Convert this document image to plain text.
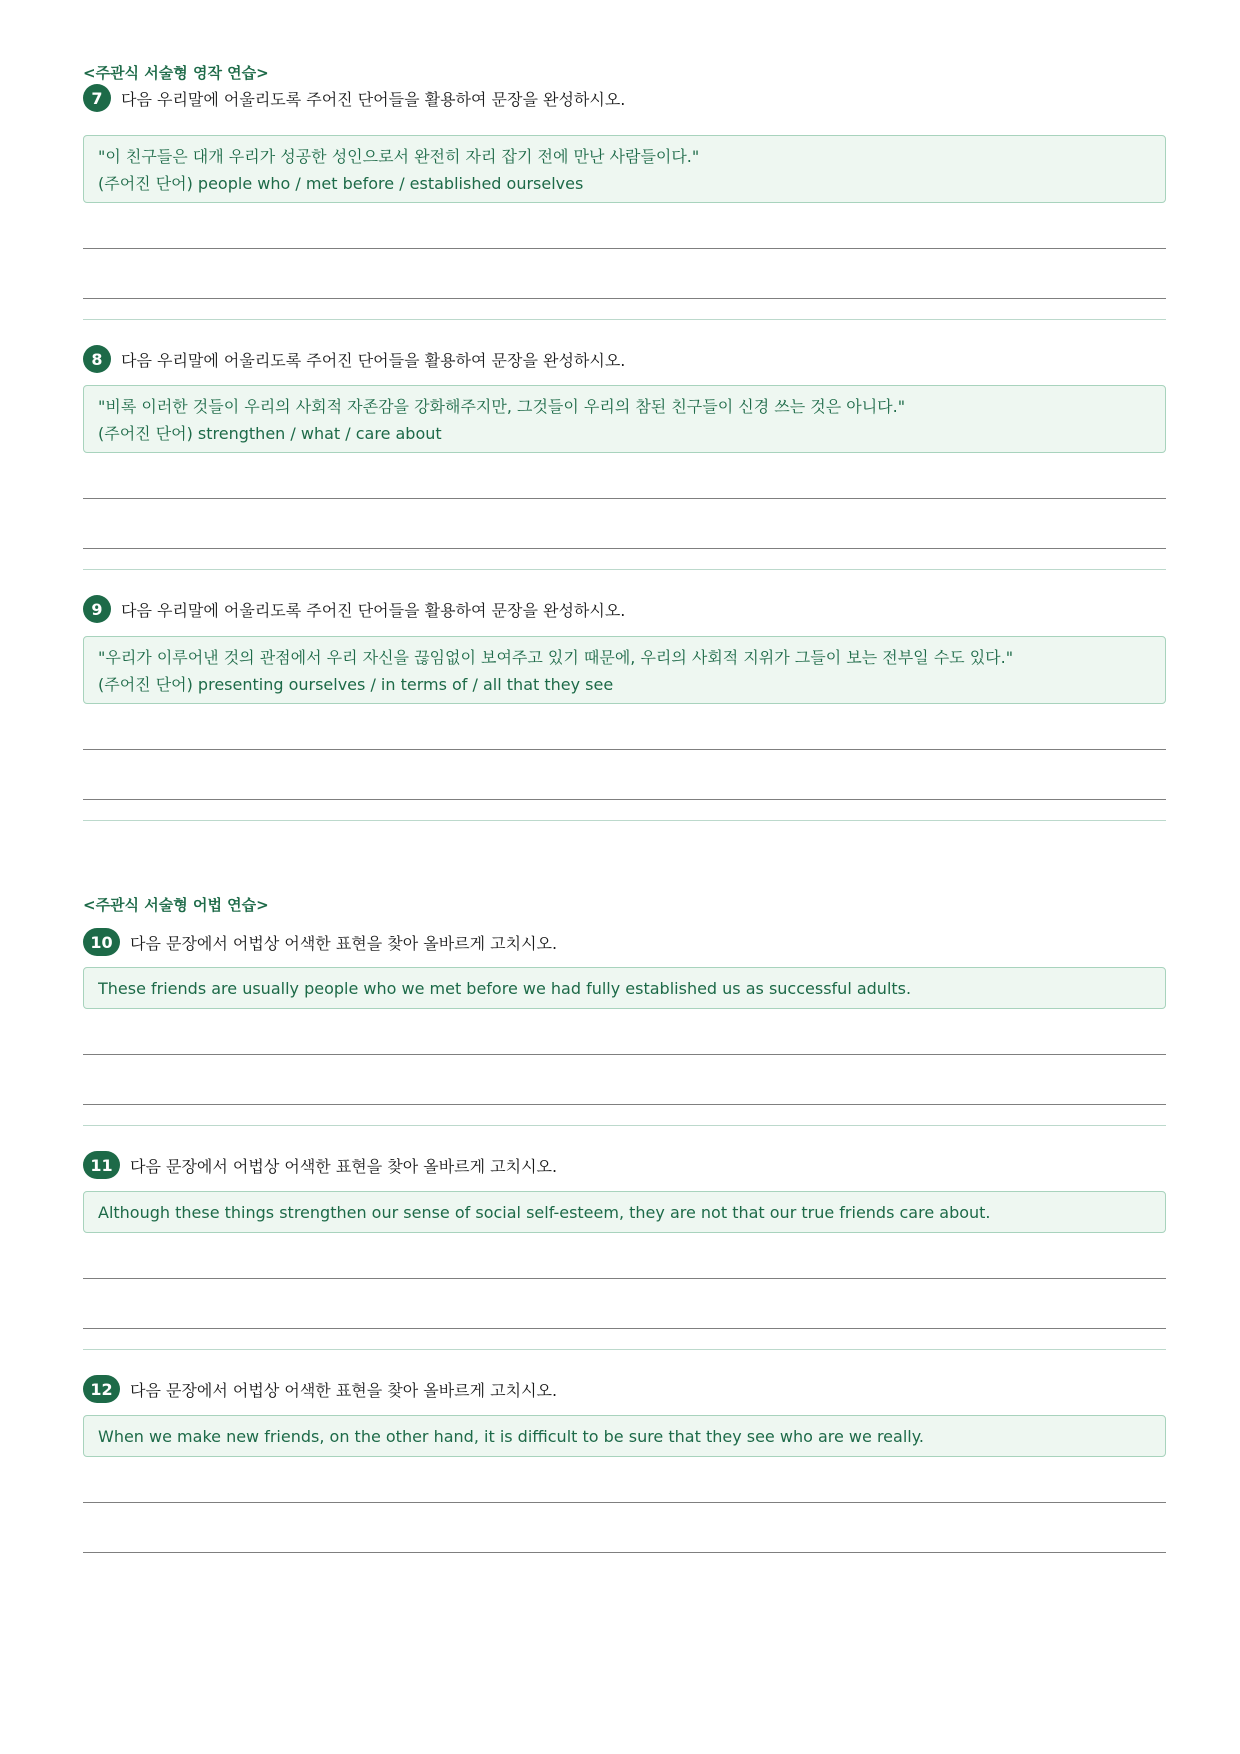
<주관식 서술형 영작 연습>
7	다음 우리말에 어울리도록 주어진 단어들을 활용하여 문장을 완성하시오.
"이 친구들은 대개 우리가 성공한 성인으로서 완전히 자리 잡기 전에 만난 사람들이다."
(주어진 단어) people who / met before / established ourselves
8	다음 우리말에 어울리도록 주어진 단어들을 활용하여 문장을 완성하시오.
"비록 이러한 것들이 우리의 사회적 자존감을 강화해주지만, 그것들이 우리의 참된 친구들이 신경 쓰는 것은 아니다."
(주어진 단어) strengthen / what / care about
9	다음 우리말에 어울리도록 주어진 단어들을 활용하여 문장을 완성하시오.
"우리가 이루어낸 것의 관점에서 우리 자신을 끊임없이 보여주고 있기 때문에, 우리의 사회적 지위가 그들이 보는 전부일 수도 있다."
(주어진 단어) presenting ourselves / in terms of / all that they see
<주관식 서술형 어법 연습>
10	다음 문장에서 어법상 어색한 표현을 찾아 올바르게 고치시오.
These friends are usually people who we met before we had fully established us as successful adults.
11	다음 문장에서 어법상 어색한 표현을 찾아 올바르게 고치시오.
Although these things strengthen our sense of social self-esteem, they are not that our true friends care about.
12	다음 문장에서 어법상 어색한 표현을 찾아 올바르게 고치시오.
When we make new friends, on the other hand, it is difficult to be sure that they see who are we really.
